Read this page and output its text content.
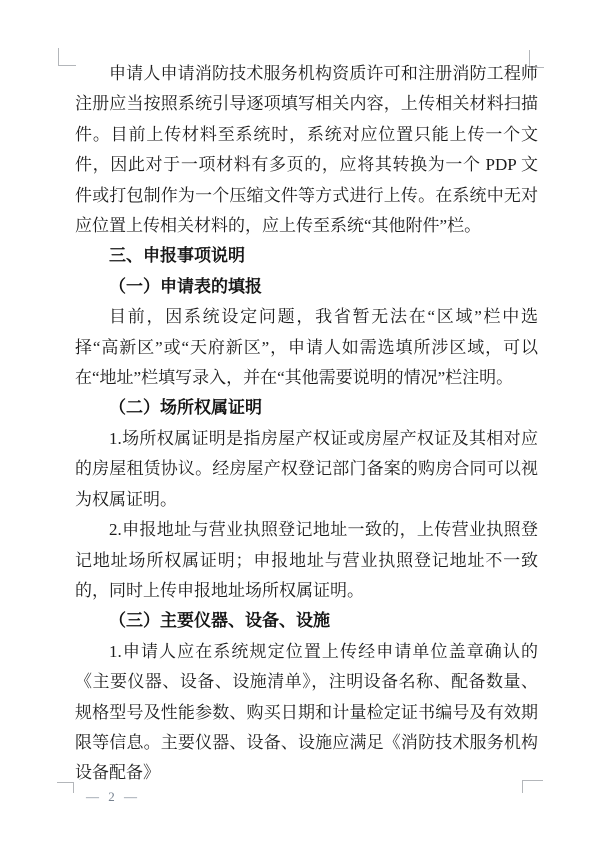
申请人申请消防技术服务机构资质许可和注册消防工程师注册应当按照系统引导逐项填写相关内容，上传相关材料扫描件。目前上传材料至系统时，系统对应位置只能上传一个文件，因此对于一项材料有多页的，应将其转换为一个 PDP 文件或打包制作为一个压缩文件等方式进行上传。在系统中无对应位置上传相关材料的，应上传至系统“其他附件”栏。

三、申报事项说明

（一）申请表的填报

目前，因系统设定问题，我省暂无法在“区域”栏中选择“高新区”或“天府新区”，申请人如需选填所涉区域，可以在“地址”栏填写录入，并在“其他需要说明的情况”栏注明。

（二）场所权属证明

1.场所权属证明是指房屋产权证或房屋产权证及其相对应的房屋租赁协议。经房屋产权登记部门备案的购房合同可以视为权属证明。

2.申报地址与营业执照登记地址一致的，上传营业执照登记地址场所权属证明；申报地址与营业执照登记地址不一致的，同时上传申报地址场所权属证明。

（三）主要仪器、设备、设施

1.申请人应在系统规定位置上传经申请单位盖章确认的《主要仪器、设备、设施清单》，注明设备名称、配备数量、规格型号及性能参数、购买日期和计量检定证书编号及有效期限等信息。主要仪器、设备、设施应满足《消防技术服务机构设备配备》

— 2 —
